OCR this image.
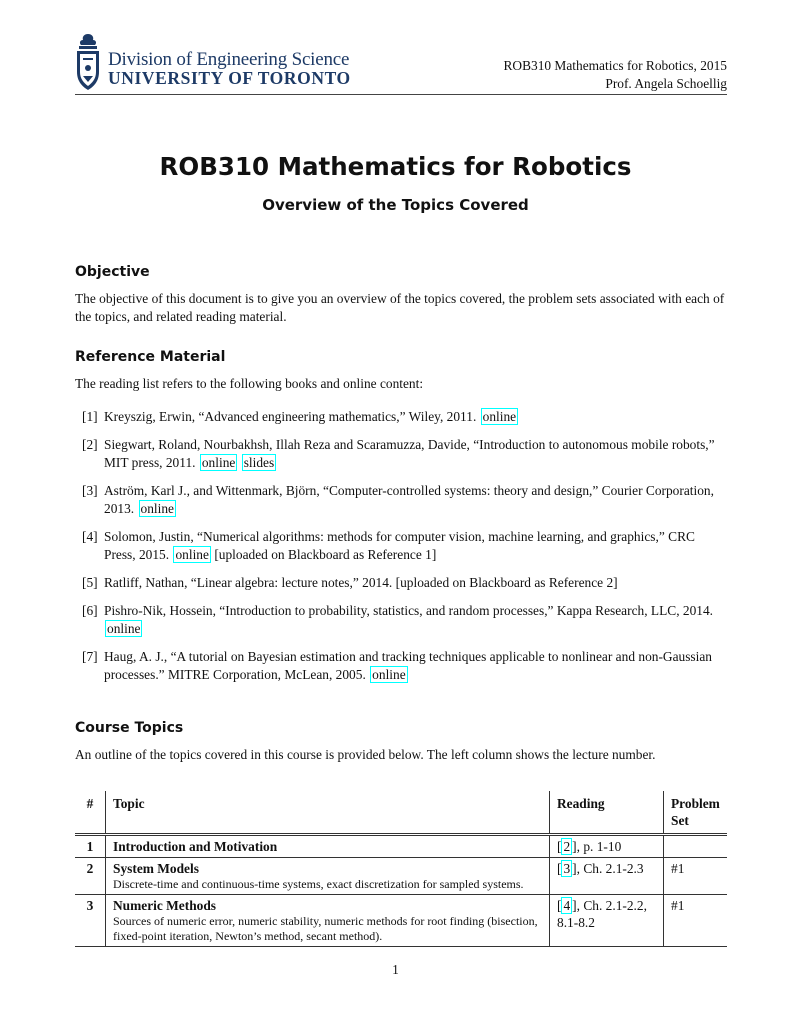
Division of Engineering Science
UNIVERSITY OF TORONTO
ROB310 Mathematics for Robotics, 2015
Prof. Angela Schoellig
ROB310 Mathematics for Robotics
Overview of the Topics Covered
Objective

The objective of this document is to give you an overview of the topics covered, the problem sets associated with each of the topics, and related reading material.

Reference Material

The reading list refers to the following books and online content:

[1] Kreyszig, Erwin, “Advanced engineering mathematics,” Wiley, 2011. online
[2] Siegwart, Roland, Nourbakhsh, Illah Reza and Scaramuzza, Davide, “Introduction to autonomous mobile robots,” MIT press, 2011. online slides
[3] Aström, Karl J., and Wittenmark, Björn, “Computer-controlled systems: theory and design,” Courier Corporation, 2013. online
[4] Solomon, Justin, “Numerical algorithms: methods for computer vision, machine learning, and graphics,” CRC Press, 2015. online [uploaded on Blackboard as Reference 1]
[5] Ratliff, Nathan, “Linear algebra: lecture notes,” 2014. [uploaded on Blackboard as Reference 2]
[6] Pishro-Nik, Hossein, “Introduction to probability, statistics, and random processes,” Kappa Research, LLC, 2014. online
[7] Haug, A. J., “A tutorial on Bayesian estimation and tracking techniques applicable to nonlinear and non-Gaussian processes.” MITRE Corporation, McLean, 2005. online
Course Topics

An outline of the topics covered in this course is provided below. The left column shows the lecture number.

#	Topic	Reading	Problem Set
1	Introduction and Motivation	[ 2 ], p. 1-10	
2	System Models
Discrete-time and continuous-time systems, exact discretization for sampled systems.	[ 3 ], Ch. 2.1-2.3	#1
3	Numeric Methods
Sources of numeric error, numeric stability, numeric methods for root finding (bisection, fixed-point iteration, Newton’s method, secant method).	[ 4 ], Ch. 2.1-2.2, 8.1-8.2	#1
1
